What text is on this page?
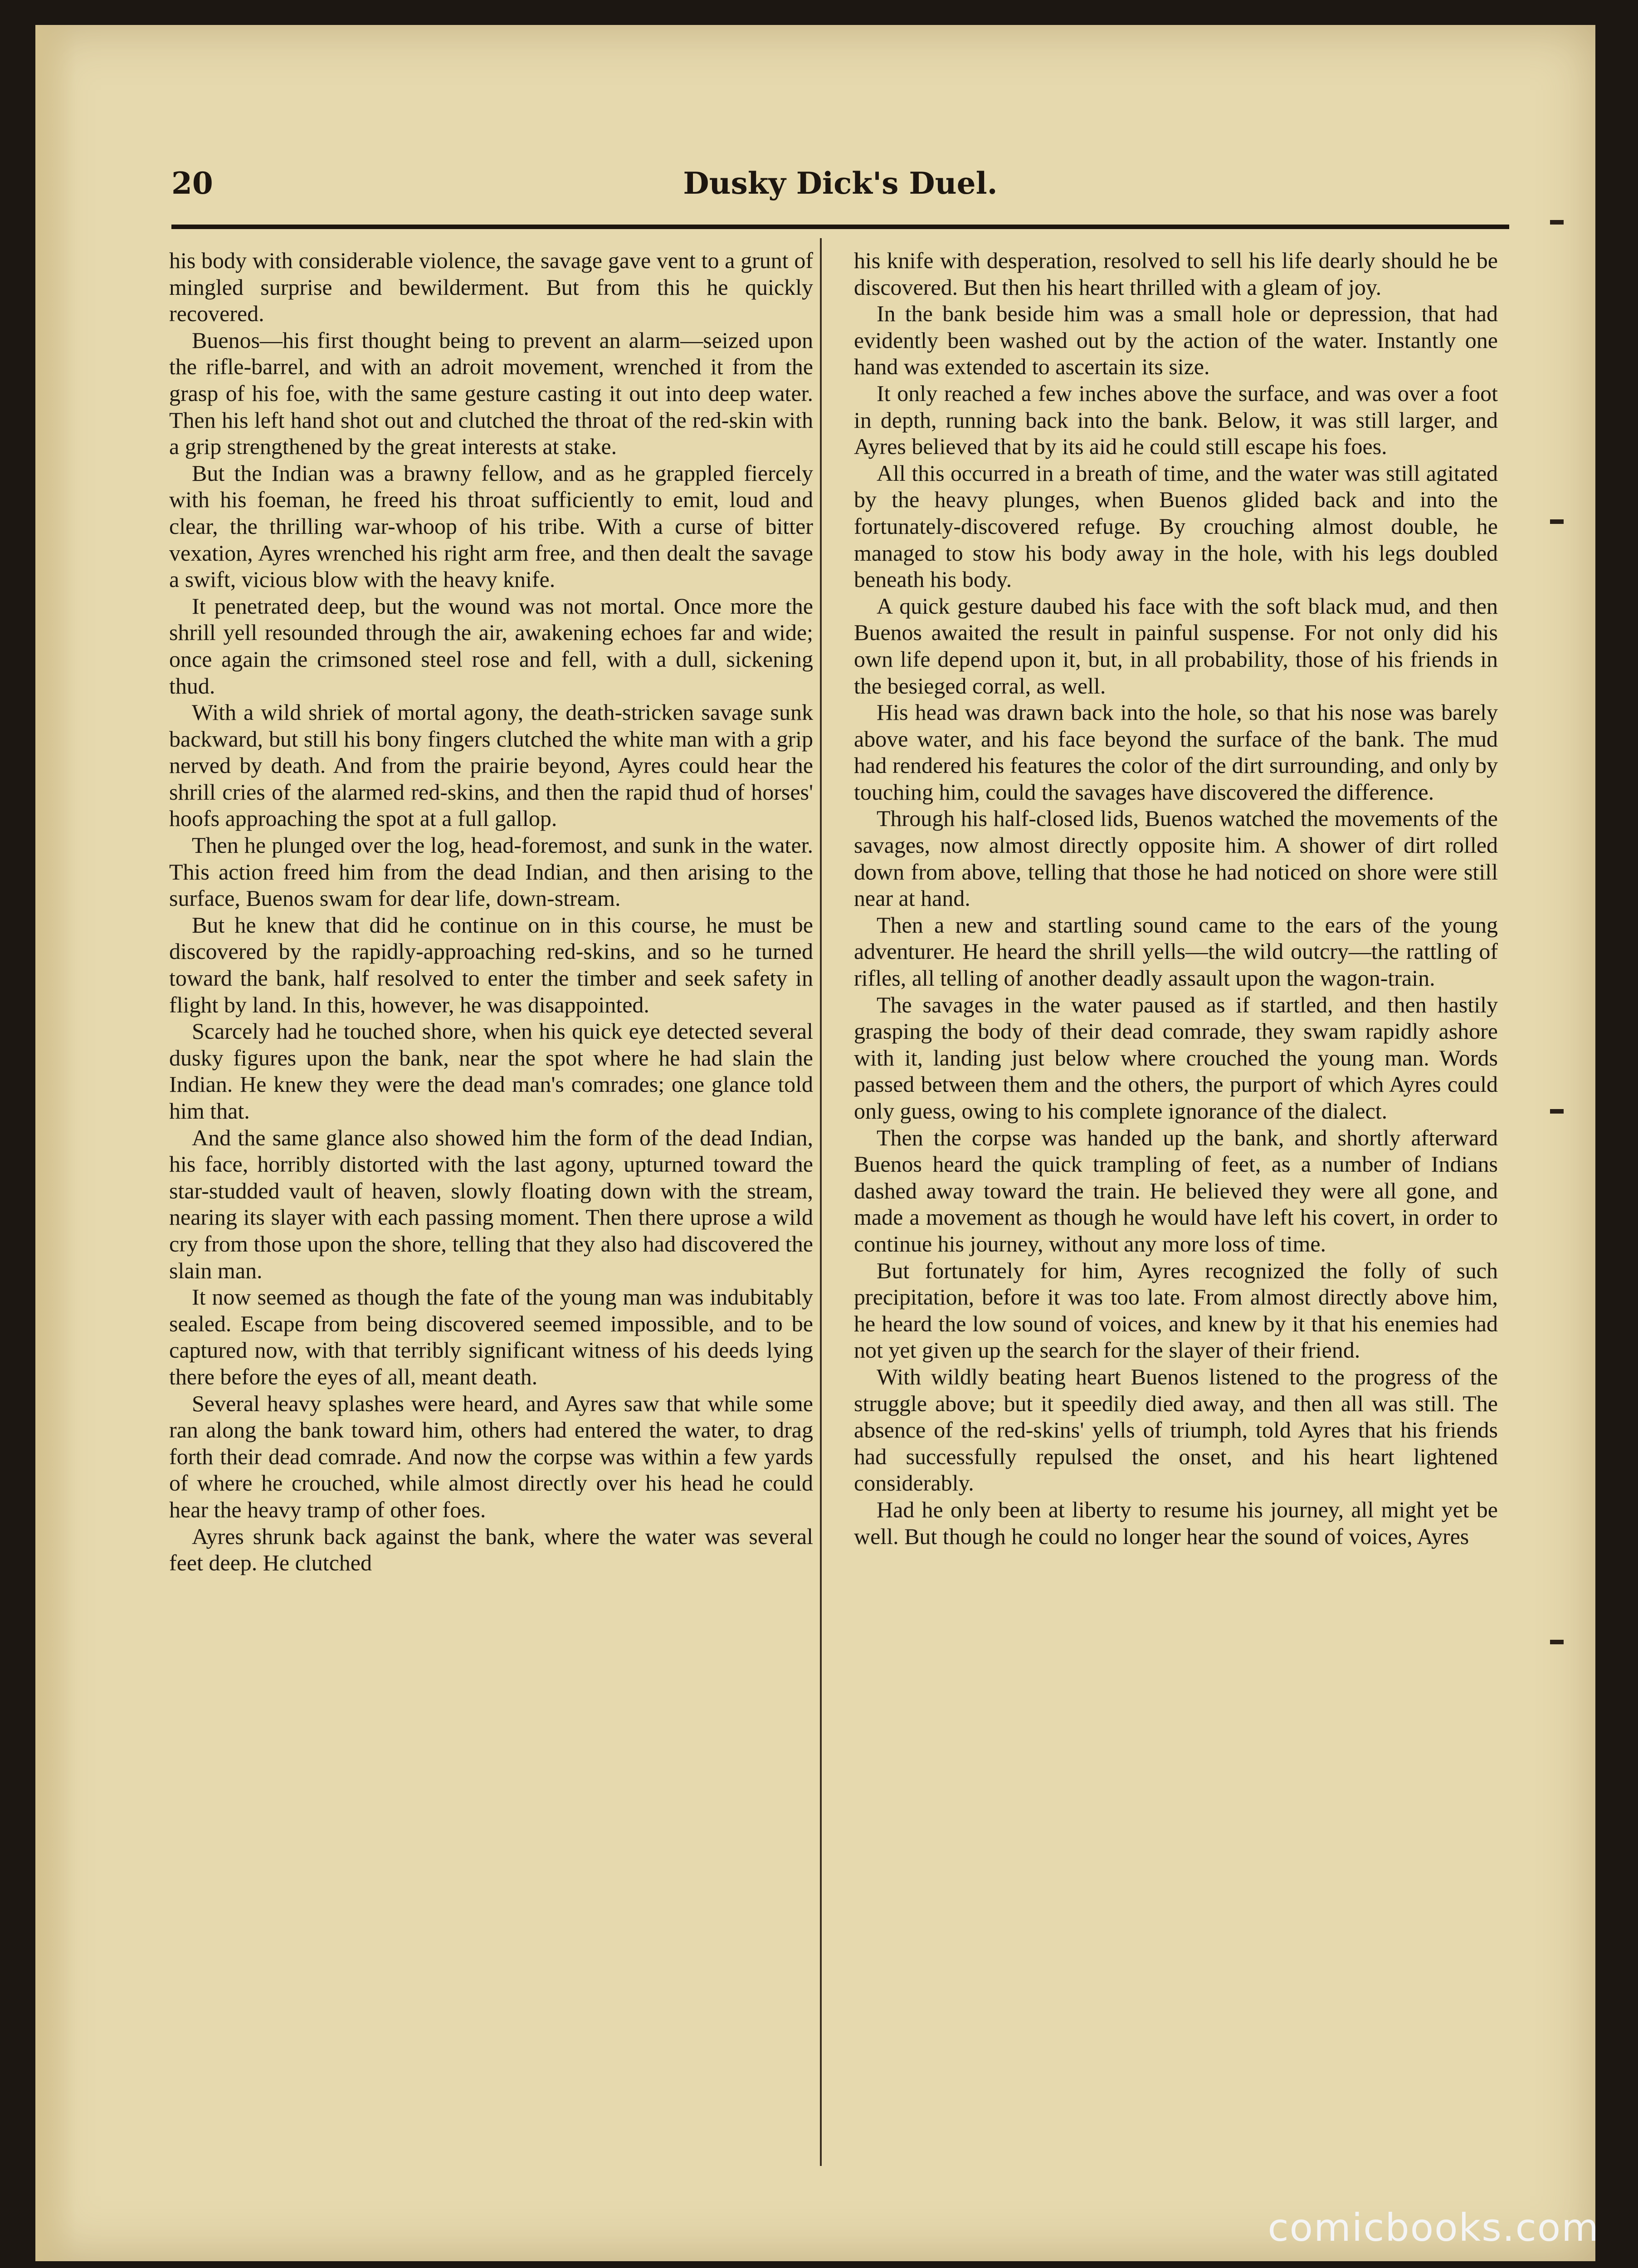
20	Dusky Dick's Duel.

his body with considerable violence, the savage gave vent to a grunt of mingled surprise and bewilderment. But from this he quickly recovered.

Buenos—his first thought being to prevent an alarm—seized upon the rifle-barrel, and with an adroit movement, wrenched it from the grasp of his foe, with the same gesture casting it out into deep water. Then his left hand shot out and clutched the throat of the red-skin with a grip strengthened by the great interests at stake.

But the Indian was a brawny fellow, and as he grappled fiercely with his foeman, he freed his throat sufficiently to emit, loud and clear, the thrilling war-whoop of his tribe. With a curse of bitter vexation, Ayres wrenched his right arm free, and then dealt the savage a swift, vicious blow with the heavy knife.

It penetrated deep, but the wound was not mortal. Once more the shrill yell resounded through the air, awakening echoes far and wide; once again the crimsoned steel rose and fell, with a dull, sickening thud.

With a wild shriek of mortal agony, the death-stricken savage sunk backward, but still his bony fingers clutched the white man with a grip nerved by death. And from the prairie beyond, Ayres could hear the shrill cries of the alarmed red-skins, and then the rapid thud of horses' hoofs approaching the spot at a full gallop.

Then he plunged over the log, head-foremost, and sunk in the water. This action freed him from the dead Indian, and then arising to the surface, Buenos swam for dear life, down-stream.

But he knew that did he continue on in this course, he must be discovered by the rapidly-approaching red-skins, and so he turned toward the bank, half resolved to enter the timber and seek safety in flight by land. In this, however, he was disappointed.

Scarcely had he touched shore, when his quick eye detected several dusky figures upon the bank, near the spot where he had slain the Indian. He knew they were the dead man's comrades; one glance told him that.

And the same glance also showed him the form of the dead Indian, his face, horribly distorted with the last agony, upturned toward the star-studded vault of heaven, slowly floating down with the stream, nearing its slayer with each passing moment. Then there uprose a wild cry from those upon the shore, telling that they also had discovered the slain man.

It now seemed as though the fate of the young man was indubitably sealed. Escape from being discovered seemed impossible, and to be captured now, with that terribly significant witness of his deeds lying there before the eyes of all, meant death.

Several heavy splashes were heard, and Ayres saw that while some ran along the bank toward him, others had entered the water, to drag forth their dead comrade. And now the corpse was within a few yards of where he crouched, while almost directly over his head he could hear the heavy tramp of other foes.

Ayres shrunk back against the bank, where the water was several feet deep. He clutched

his knife with desperation, resolved to sell his life dearly should he be discovered. But then his heart thrilled with a gleam of joy.

In the bank beside him was a small hole or depression, that had evidently been washed out by the action of the water. Instantly one hand was extended to ascertain its size.

It only reached a few inches above the surface, and was over a foot in depth, running back into the bank. Below, it was still larger, and Ayres believed that by its aid he could still escape his foes.

All this occurred in a breath of time, and the water was still agitated by the heavy plunges, when Buenos glided back and into the fortunately-discovered refuge. By crouching almost double, he managed to stow his body away in the hole, with his legs doubled beneath his body.

A quick gesture daubed his face with the soft black mud, and then Buenos awaited the result in painful suspense. For not only did his own life depend upon it, but, in all probability, those of his friends in the besieged corral, as well.

His head was drawn back into the hole, so that his nose was barely above water, and his face beyond the surface of the bank. The mud had rendered his features the color of the dirt surrounding, and only by touching him, could the savages have discovered the difference.

Through his half-closed lids, Buenos watched the movements of the savages, now almost directly opposite him. A shower of dirt rolled down from above, telling that those he had noticed on shore were still near at hand.

Then a new and startling sound came to the ears of the young adventurer. He heard the shrill yells—the wild outcry—the rattling of rifles, all telling of another deadly assault upon the wagon-train.

The savages in the water paused as if startled, and then hastily grasping the body of their dead comrade, they swam rapidly ashore with it, landing just below where crouched the young man. Words passed between them and the others, the purport of which Ayres could only guess, owing to his complete ignorance of the dialect.

Then the corpse was handed up the bank, and shortly afterward Buenos heard the quick trampling of feet, as a number of Indians dashed away toward the train. He believed they were all gone, and made a movement as though he would have left his covert, in order to continue his journey, without any more loss of time.

But fortunately for him, Ayres recognized the folly of such precipitation, before it was too late. From almost directly above him, he heard the low sound of voices, and knew by it that his enemies had not yet given up the search for the slayer of their friend.

With wildly beating heart Buenos listened to the progress of the struggle above; but it speedily died away, and then all was still. The absence of the red-skins' yells of triumph, told Ayres that his friends had successfully repulsed the onset, and his heart lightened considerably.

Had he only been at liberty to resume his journey, all might yet be well. But though he could no longer hear the sound of voices, Ayres

comicbooks.com
